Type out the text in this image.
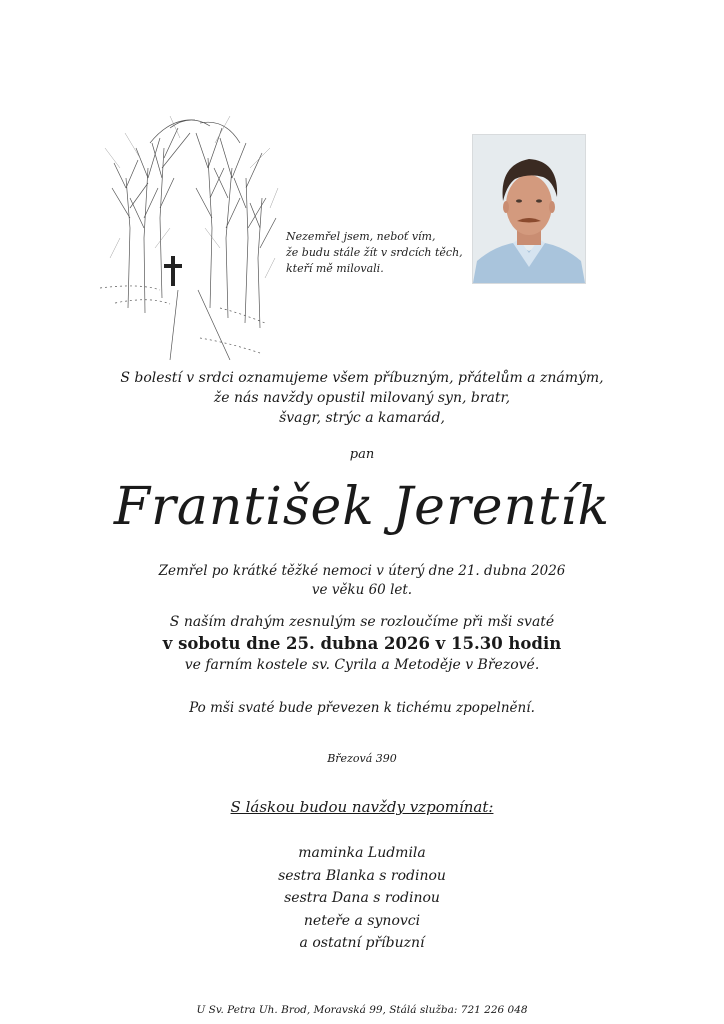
Nezemřel jsem, neboť vím,
že budu stále žít v srdcích těch,
kteří mě milovali.
S bolestí v srdci oznamujeme všem příbuzným, přátelům a známým,
že nás navždy opustil milovaný syn, bratr,
švagr, strýc a kamarád,
pan
František Jerentík
Zemřel po krátké těžké nemoci v úterý dne 21. dubna 2026
ve věku 60 let.
S naším drahým zesnulým se rozloučíme při mši svaté
v sobotu dne 25. dubna 2026 v 15.30 hodin
ve farním kostele sv. Cyrila a Metoděje v Březové.
Po mši svaté bude převezen k tichému zpopelnění.
Březová 390
S láskou budou navždy vzpomínat:
maminka Ludmila
sestra Blanka s rodinou
sestra Dana s rodinou
neteře a synovci
a ostatní příbuzní
U Sv. Petra Uh. Brod, Moravská 99, Stálá služba: 721 226 048
